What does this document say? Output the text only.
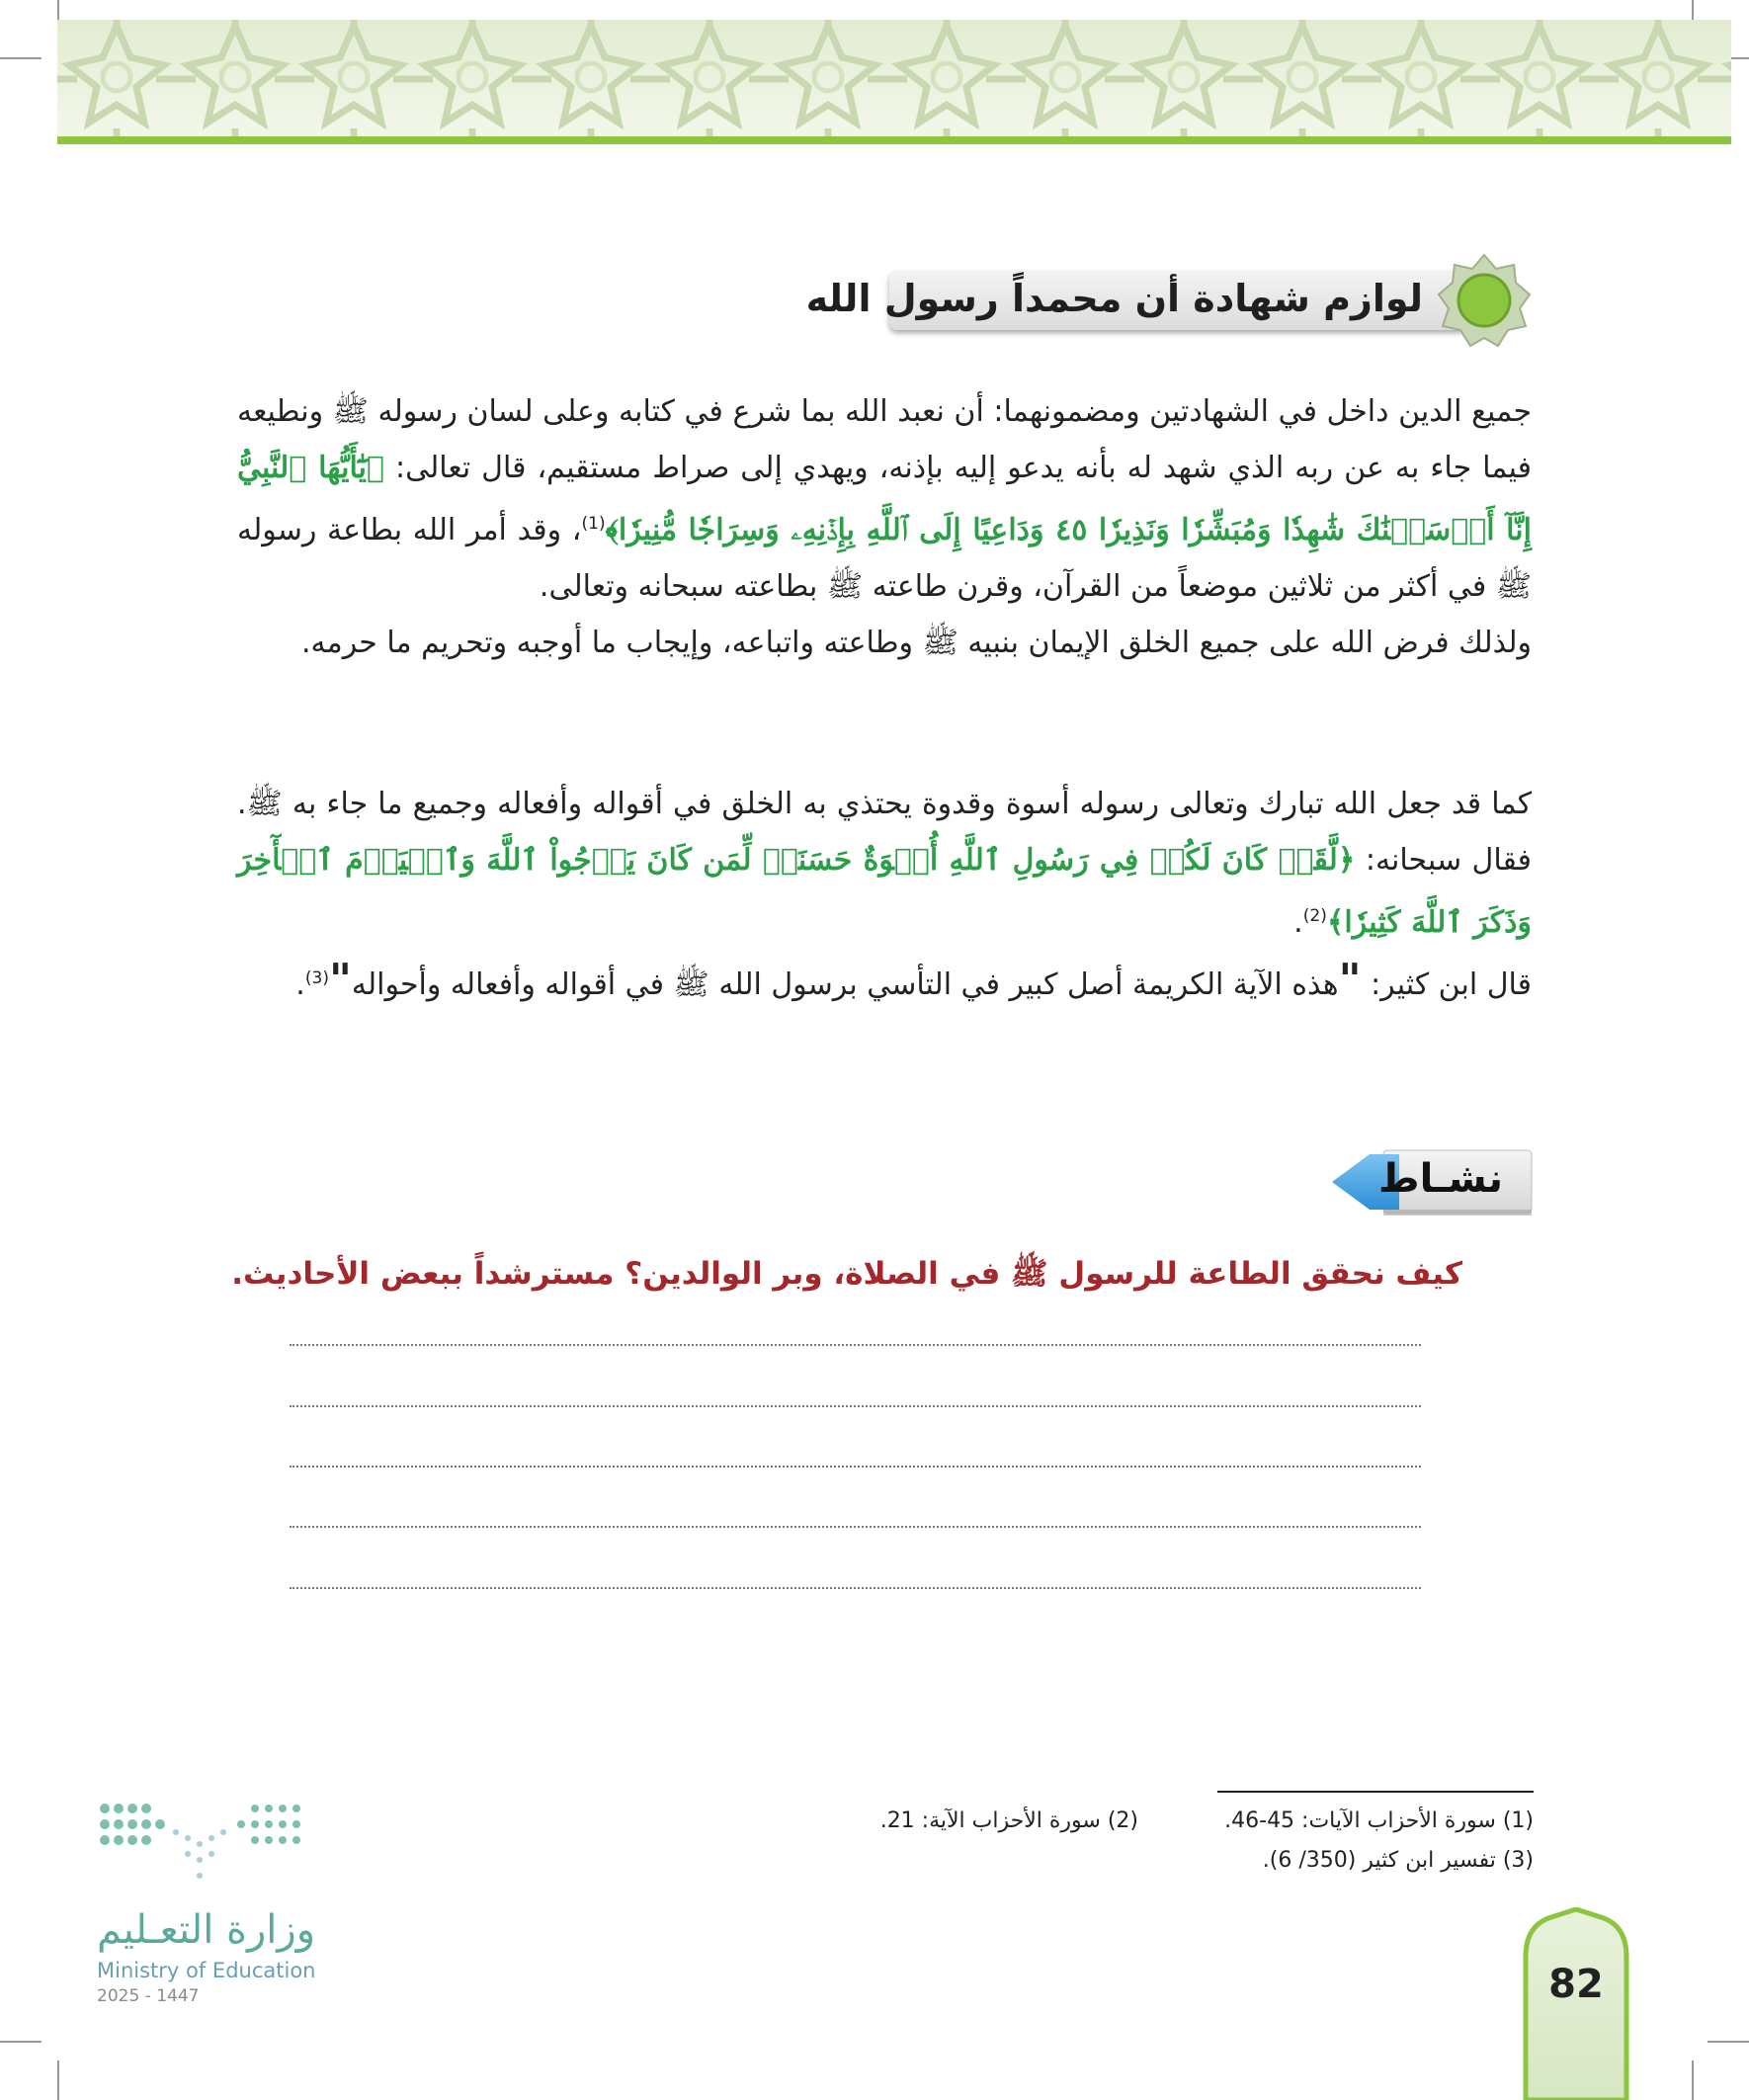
لوازم شهادة أن محمداً رسول الله

جميع الدين داخل في الشهادتين ومضمونهما: أن نعبد الله بما شرع في كتابه وعلى لسان رسوله ﷺ ونطيعه فيما جاء به عن ربه الذي شهد له بأنه يدعو إليه بإذنه، ويهدي إلى صراط مستقيم، قال تعالى: ﴿يَٰٓأَيُّهَا ٱلنَّبِيُّ إِنَّآ أَرۡسَلۡنَٰكَ شَٰهِدٗا وَمُبَشِّرٗا وَنَذِيرٗا ٤٥ وَدَاعِيًا إِلَى ٱللَّهِ بِإِذۡنِهِۦ وَسِرَاجٗا مُّنِيرٗا﴾$^{(1)}$، وقد أمر الله بطاعة رسوله ﷺ في أكثر من ثلاثين موضعاً من القرآن، وقرن طاعته ﷺ بطاعته سبحانه وتعالى.

ولذلك فرض الله على جميع الخلق الإيمان بنبيه ﷺ وطاعته واتباعه، وإيجاب ما أوجبه وتحريم ما حرمه.

كما قد جعل الله تبارك وتعالى رسوله أسوة وقدوة يحتذي به الخلق في أقواله وأفعاله وجميع ما جاء به ﷺ. فقال سبحانه: ﴿لَّقَدۡ كَانَ لَكُمۡ فِي رَسُولِ ٱللَّهِ أُسۡوَةٌ حَسَنَةٞ لِّمَن كَانَ يَرۡجُواْ ٱللَّهَ وَٱلۡيَوۡمَ ٱلۡأٓخِرَ وَذَكَرَ ٱللَّهَ كَثِيرٗا﴾$^{(2)}$.

قال ابن كثير: "هذه الآية الكريمة أصل كبير في التأسي برسول الله ﷺ في أقواله وأفعاله وأحواله"$^{(3)}$.

نشـاط
كيف نحقق الطاعة للرسول ﷺ في الصلاة، وبر الوالدين؟ مسترشداً ببعض الأحاديث.
(1) سورة الأحزاب الآيات: 45-46.
(2) سورة الأحزاب الآية: 21.
(3) تفسير ابن كثير (350/ 6).
وزارة التعـليم
Ministry of Education
2025 - 1447	82
